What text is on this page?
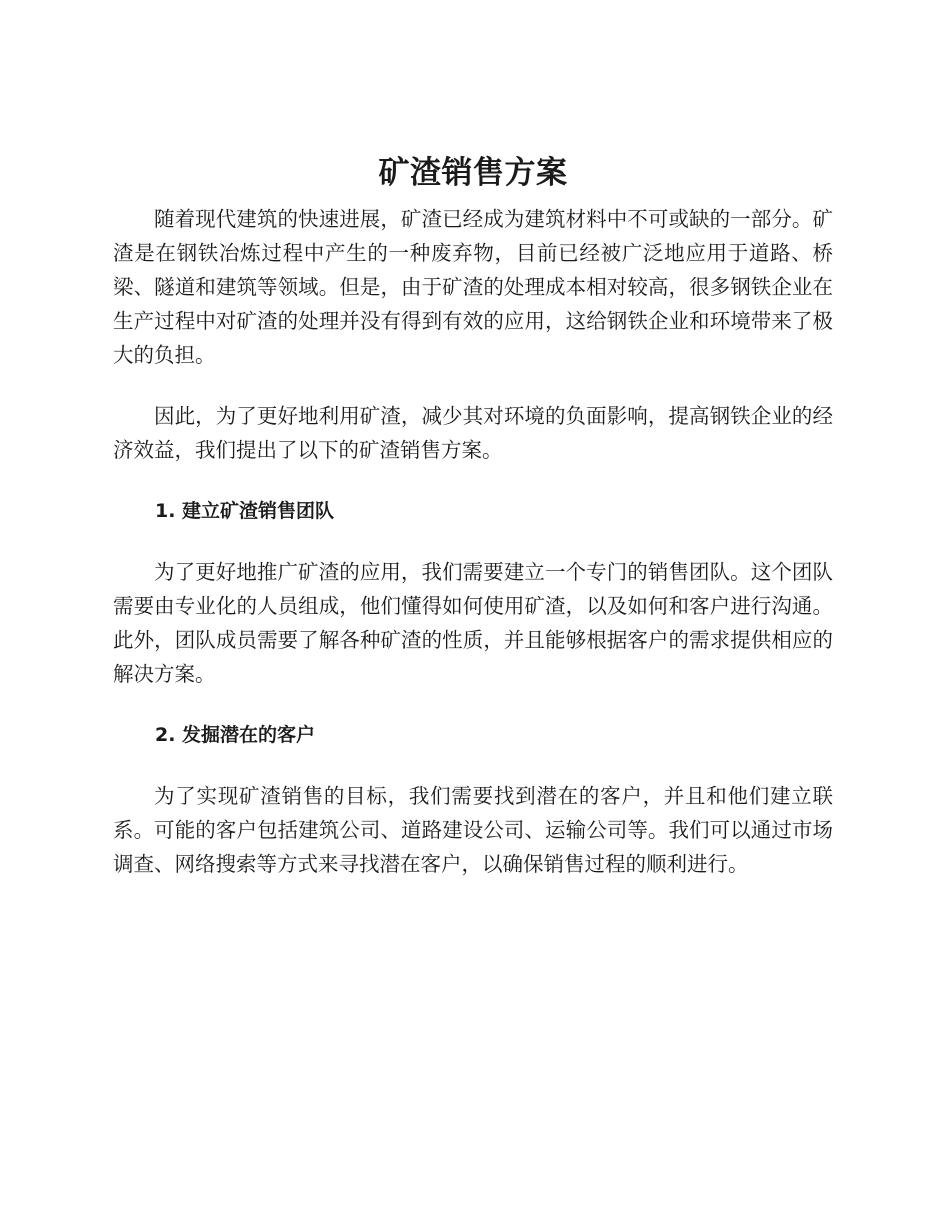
矿渣销售方案

随着现代建筑的快速进展，矿渣已经成为建筑材料中不可或缺的一部分。矿渣是在钢铁冶炼过程中产生的一种废弃物，目前已经被广泛地应用于道路、桥梁、隧道和建筑等领域。但是，由于矿渣的处理成本相对较高，很多钢铁企业在生产过程中对矿渣的处理并没有得到有效的应用，这给钢铁企业和环境带来了极大的负担。

因此，为了更好地利用矿渣，减少其对环境的负面影响，提高钢铁企业的经济效益，我们提出了以下的矿渣销售方案。

1. 建立矿渣销售团队

为了更好地推广矿渣的应用，我们需要建立一个专门的销售团队。这个团队需要由专业化的人员组成，他们懂得如何使用矿渣，以及如何和客户进行沟通。此外，团队成员需要了解各种矿渣的性质，并且能够根据客户的需求提供相应的解决方案。

2. 发掘潜在的客户

为了实现矿渣销售的目标，我们需要找到潜在的客户，并且和他们建立联系。可能的客户包括建筑公司、道路建设公司、运输公司等。我们可以通过市场调查、网络搜索等方式来寻找潜在客户，以确保销售过程的顺利进行。
